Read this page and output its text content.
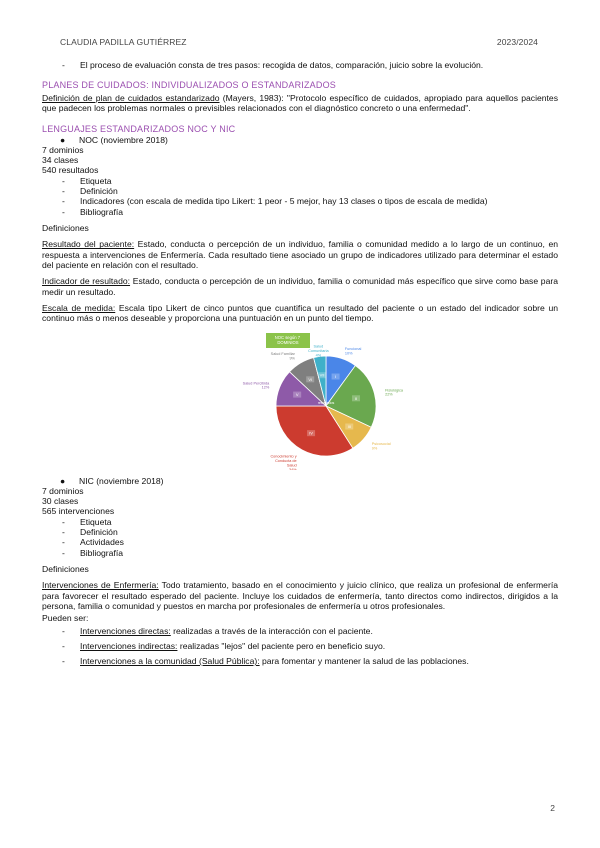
CLAUDIA PADILLA GUTIÉRREZ	2023/2024

- El proceso de evaluación consta de tres pasos: recogida de datos, comparación, juicio sobre la evolución.

PLANES DE CUIDADOS: INDIVIDUALIZADOS O ESTANDARIZADOS

Definición de plan de cuidados estandarizado (Mayers, 1983): "Protocolo específico de cuidados, apropiado para aquellos pacientes que padecen los problemas normales o previsibles relacionados con el diagnóstico concreto o una enfermedad".

LENGUAJES ESTANDARIZADOS NOC Y NIC

● NOC (noviembre 2018)

7 dominios

34 clases

540 resultados

- Etiqueta

- Definición

- Indicadores (con escala de medida tipo Likert: 1 peor - 5 mejor, hay 13 clases o tipos de escala de medida)

- Bibliografía

Definiciones

Resultado del paciente: Estado, conducta o percepción de un individuo, familia o comunidad medido a lo largo de un continuo, en respuesta a intervenciones de Enfermería. Cada resultado tiene asociado un grupo de indicadores utilizado para determinar el estado del paciente en relación con el resultado.

Indicador de resultado: Estado, conducta o percepción de un individuo, familia o comunidad más específico que sirve como base para medir un resultado.

Escala de medida: Escala tipo Likert de cinco puntos que cuantifica un resultado del paciente o un estado del indicador sobre un continuo más o menos deseable y proporciona una puntuación en un punto del tiempo.

NOC según 7 DOMINIOS
I
Funcional 10%
II
Fisiológica 22%
III
Psicosocial 9%
IV
Conocimiento y Conducta de Salud 34%
V
Salud Percibida 12%
VI
Salud Familiar 9%
VII
Salud Comunitaria 4%
resultados

● NIC (noviembre 2018)

7 dominios

30 clases

565 intervenciones

- Etiqueta

- Definición

- Actividades

- Bibliografía

Definiciones

Intervenciones de Enfermería: Todo tratamiento, basado en el conocimiento y juicio clínico, que realiza un profesional de enfermería para favorecer el resultado esperado del paciente. Incluye los cuidados de enfermería, tanto directos como indirectos, dirigidos a la persona, familia o comunidad y puestos en marcha por profesionales de enfermería u otros profesionales.

Pueden ser:

- Intervenciones directas: realizadas a través de la interacción con el paciente.

- Intervenciones indirectas: realizadas "lejos" del paciente pero en beneficio suyo.

- Intervenciones a la comunidad (Salud Pública): para fomentar y mantener la salud de las poblaciones.

2
